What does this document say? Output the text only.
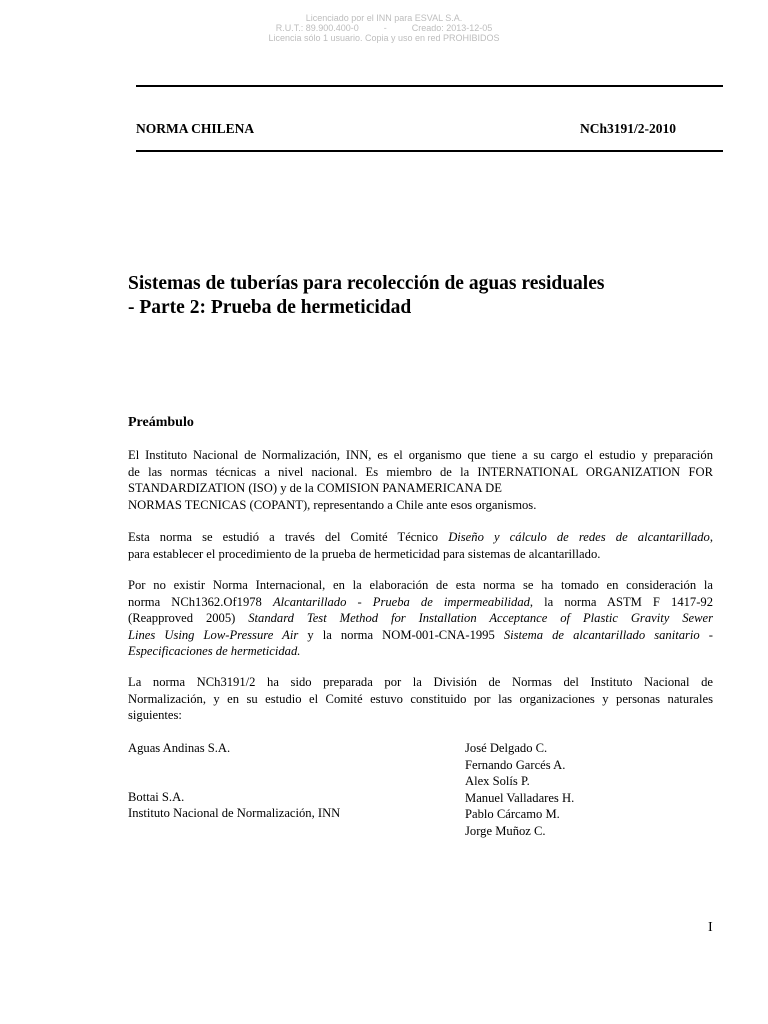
Licenciado por el INN para ESVAL S.A.
R.U.T.: 89.900.400-0          -          Creado: 2013-12-05
Licencia sólo 1 usuario. Copia y uso en red PROHIBIDOS
NORMA CHILENA	NCh3191/2-2010
Sistemas de tuberías para recolección de aguas residuales
- Parte 2: Prueba de hermeticidad
Preámbulo
El Instituto Nacional de Normalización, INN, es el organismo que tiene a su cargo el estudio y preparación
de las normas técnicas a nivel nacional. Es miembro de la INTERNATIONAL ORGANIZATION FOR
STANDARDIZATION (ISO) y de la COMISION PANAMERICANA DE
NORMAS TECNICAS (COPANT), representando a Chile ante esos organismos.
Esta norma se estudió a través del Comité Técnico Diseño y cálculo de redes de alcantarillado,
para establecer el procedimiento de la prueba de hermeticidad para sistemas de alcantarillado.
Por no existir Norma Internacional, en la elaboración de esta norma se ha tomado en consideración la
norma NCh1362.Of1978 Alcantarillado - Prueba de impermeabilidad, la norma ASTM F 1417-92
(Reapproved 2005) Standard Test Method for Installation Acceptance of Plastic Gravity Sewer
Lines Using Low-Pressure Air y la norma NOM-001-CNA-1995 Sistema de alcantarillado sanitario -
Especificaciones de hermeticidad.
La norma NCh3191/2 ha sido preparada por la División de Normas del Instituto Nacional de
Normalización, y en su estudio el Comité estuvo constituido por las organizaciones y personas naturales
siguientes:
Aguas Andinas S.A.
Bottai S.A.
Instituto Nacional de Normalización, INN
José Delgado C.
Fernando Garcés A.
Alex Solís P.
Manuel Valladares H.
Pablo Cárcamo M.
Jorge Muñoz C.
I
